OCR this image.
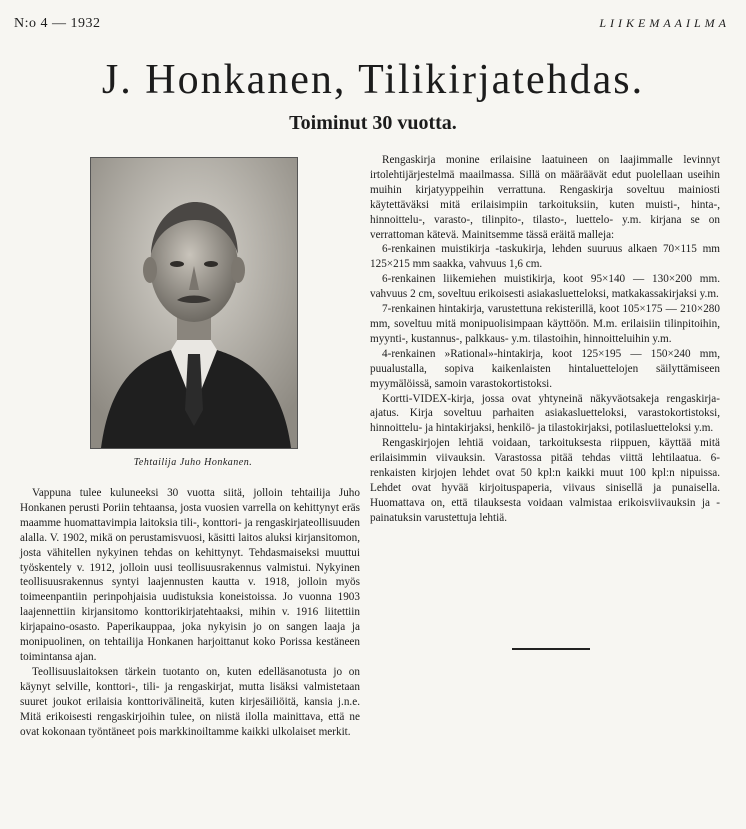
N:o 4 — 1932	LIIKEMAAILMA
J. Honkanen, Tilikirjatehdas.
Toiminut 30 vuotta.
Tehtailija Juho Honkanen.

Vappuna tulee kuluneeksi 30 vuotta siitä, jolloin tehtailija Juho Honkanen perusti Poriin tehtaansa, josta vuosien varrella on kehittynyt eräs maamme huomattavimpia laitoksia tili-, konttori- ja rengaskirjateollisuuden alalla. V. 1902, mikä on perustamisvuosi, käsitti laitos aluksi kirjansitomon, josta vähitellen nykyinen tehdas on kehittynyt. Tehdasmaiseksi muuttui työskentely v. 1912, jolloin uusi teollisuusrakennus valmistui. Nykyinen teollisuusrakennus syntyi laajennusten kautta v. 1918, jolloin myös toimeenpantiin perinpohjaisia uudistuksia koneistoissa. Jo vuonna 1903 laajennettiin kirjansitomo konttorikirjatehtaaksi, mihin v. 1916 liitettiin kirjapaino-osasto. Paperikauppaa, joka nykyisin jo on sangen laaja ja monipuolinen, on tehtailija Honkanen harjoittanut koko Porissa kestäneen toimintansa ajan.

Teollisuuslaitoksen tärkein tuotanto on, kuten edelläsanotusta jo on käynyt selville, konttori-, tili- ja rengaskirjat, mutta lisäksi valmistetaan suuret joukot erilaisia konttorivälineitä, kuten kirjesäiliöitä, kansia j.n.e. Mitä erikoisesti rengaskirjoihin tulee, on niistä ilolla mainittava, että ne ovat kokonaan työntäneet pois markkinoiltamme kaikki ulkolaiset merkit.

Rengaskirja monine erilaisine laatuineen on laajimmalle levinnyt irtolehtijärjestelmä maailmassa. Sillä on määräävät edut puolellaan useihin muihin kirjatyyppeihin verrattuna. Rengaskirja soveltuu mainiosti käytettäväksi mitä erilaisimpiin tarkoituksiin, kuten muisti-, hinta-, hinnoittelu-, varasto-, tilinpito-, tilasto-, luettelo- y.m. kirjana se on verrattoman kätevä. Mainitsemme tässä eräitä malleja:

6-renkainen muistikirja -taskukirja, lehden suuruus alkaen 70×115 mm 125×215 mm saakka, vahvuus 1,6 cm.

6-renkainen liikemiehen muistikirja, koot 95×140 — 130×200 mm. vahvuus 2 cm, soveltuu erikoisesti asiakasluetteloksi, matkakassakirjaksi y.m.

7-renkainen hintakirja, varustettuna rekisterillä, koot 105×175 — 210×280 mm, soveltuu mitä monipuolisimpaan käyttöön. M.m. erilaisiin tilinpitoihin, myynti-, kustannus-, palkkaus- y.m. tilastoihin, hinnoitteluihin y.m.

4-renkainen »Rational»-hintakirja, koot 125×195 — 150×240 mm, puualustalla, sopiva kaikenlaisten hintaluettelojen säilyttämiseen myymälöissä, samoin varastokortistoksi.

Kortti-VIDEX-kirja, jossa ovat yhtyneinä näkyväotsakeja rengaskirja-ajatus. Kirja soveltuu parhaiten asiakasluetteloksi, varastokortistoksi, hinnoittelu- ja hintakirjaksi, henkilö- ja tilastokirjaksi, potilasluetteloksi y.m.

Rengaskirjojen lehtiä voidaan, tarkoituksesta riippuen, käyttää mitä erilaisimmin viivauksin. Varastossa pitää tehdas viittä lehtilaatua. 6-renkaisten kirjojen lehdet ovat 50 kpl:n kaikki muut 100 kpl:n nipuissa. Lehdet ovat hyvää kirjoituspaperia, viivaus sinisellä ja punaisella. Huomattava on, että tilauksesta voidaan valmistaa erikoisviivauksin ja -painatuksin varustettuja lehtiä.
